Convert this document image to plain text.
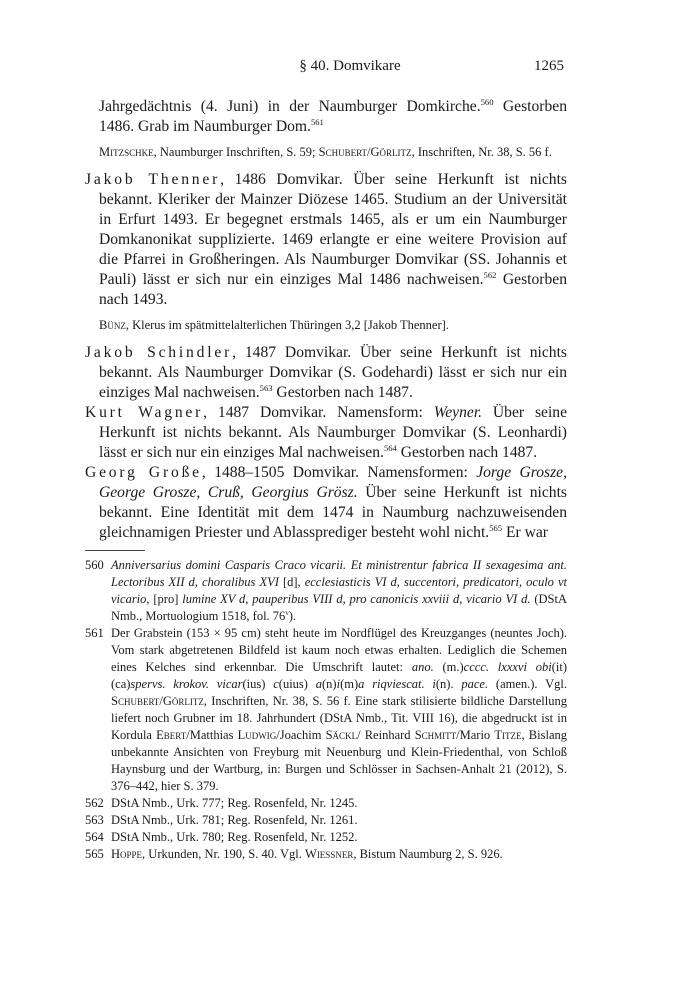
§ 40. Domvikare	1265

Jahrgedächtnis (4. Juni) in der Naumburger Domkirche.$^{560}$ Gestorben 1486. Grab im Naumburger Dom.$^{561}$

Mitzschke, Naumburger Inschriften, S. 59; Schubert/Görlitz, Inschriften, Nr. 38, S. 56 f.

Jakob Thenner, 1486 Domvikar. Über seine Herkunft ist nichts bekannt. Kleriker der Mainzer Diözese 1465. Studium an der Universität in Erfurt 1493. Er begegnet erstmals 1465, als er um ein Naumburger Domkanonikat supplizierte. 1469 erlangte er eine weitere Provision auf die Pfarrei in Großheringen. Als Naumburger Domvikar (SS. Johannis et Pauli) lässt er sich nur ein einziges Mal 1486 nachweisen.$^{562}$ Gestorben nach 1493.

Bünz, Klerus im spätmittelalterlichen Thüringen 3,2 [Jakob Thenner].

Jakob Schindler, 1487 Domvikar. Über seine Herkunft ist nichts bekannt. Als Naumburger Domvikar (S. Godehardi) lässt er sich nur ein einziges Mal nachweisen.$^{563}$ Gestorben nach 1487.

Kurt Wagner, 1487 Domvikar. Namensform: Weyner. Über seine Herkunft ist nichts bekannt. Als Naumburger Domvikar (S. Leonhardi) lässt er sich nur ein einziges Mal nachweisen.$^{564}$ Gestorben nach 1487.

Georg Große, 1488–1505 Domvikar. Namensformen: Jorge Grosze, George Grosze, Cruß, Georgius Grösz. Über seine Herkunft ist nichts bekannt. Eine Identität mit dem 1474 in Naumburg nachzuweisenden gleichnamigen Priester und Ablassprediger besteht wohl nicht.$^{565}$ Er war

560 Anniversarius domini Casparis Craco vicarii. Et ministrentur fabrica II sexagesima ant. Lectoribus XII d, choralibus XVI [d], ecclesiasticis VI d, succentori, predicatori, oculo vt vicario, [pro] lumine XV d, pauperibus VIII d, pro canonicis xxviii d, vicario VI d. (DStA Nmb., Mortuologium 1518, fol. 76$^v$).

561 Der Grabstein (153 × 95 cm) steht heute im Nordflügel des Kreuzganges (neuntes Joch). Vom stark abgetretenen Bildfeld ist kaum noch etwas erhalten. Lediglich die Schemen eines Kelches sind erkennbar. Die Umschrift lautet: ano. (m.)cccc. lxxxvi obi(it) (ca)spervs. krokov. vicar(ius) c(uius) a(n)i(m)a riqviescat. i(n). pace. (amen.). Vgl. Schubert/Görlitz, Inschriften, Nr. 38, S. 56 f. Eine stark stilisierte bildliche Darstellung liefert noch Grubner im 18. Jahrhundert (DStA Nmb., Tit. VIII 16), die abgedruckt ist in Kordula Ebert/Matthias Ludwig/Joachim Säckl/ Reinhard Schmitt/Mario Titze, Bislang unbekannte Ansichten von Freyburg mit Neuenburg und Klein-Friedenthal, von Schloß Haynsburg und der Wartburg, in: Burgen und Schlösser in Sachsen-Anhalt 21 (2012), S. 376–442, hier S. 379.

562 DStA Nmb., Urk. 777; Reg. Rosenfeld, Nr. 1245.

563 DStA Nmb., Urk. 781; Reg. Rosenfeld, Nr. 1261.

564 DStA Nmb., Urk. 780; Reg. Rosenfeld, Nr. 1252.

565 Hoppe, Urkunden, Nr. 190, S. 40. Vgl. Wiessner, Bistum Naumburg 2, S. 926.
